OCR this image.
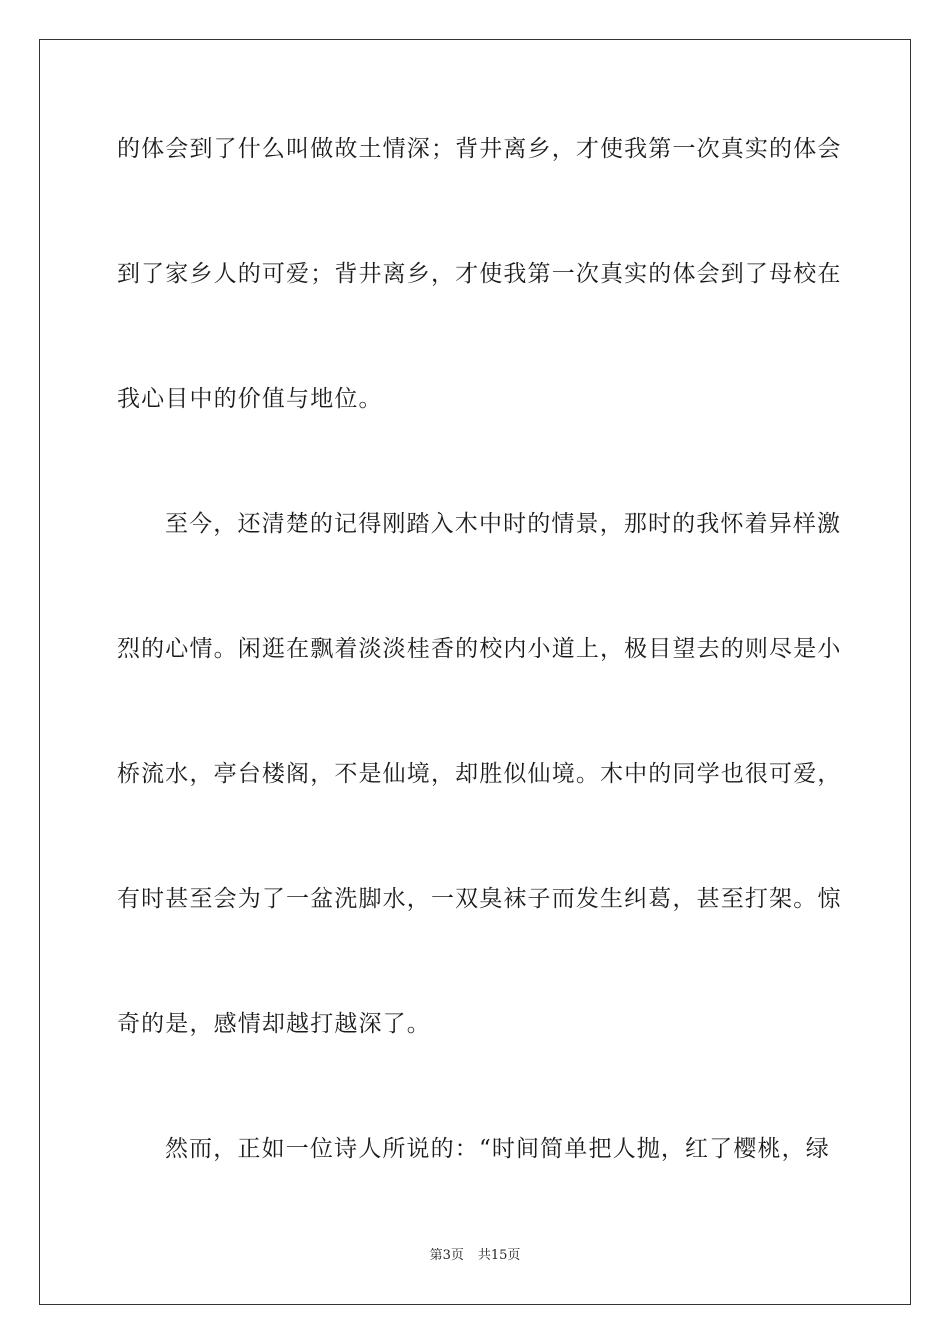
的体会到了什么叫做故土情深；背井离乡，才使我第一次真实的体会
到了家乡人的可爱；背井离乡，才使我第一次真实的体会到了母校在
我心目中的价值与地位。
至今，还清楚的记得刚踏入木中时的情景，那时的我怀着异样激
烈的心情。闲逛在飘着淡淡桂香的校内小道上，极目望去的则尽是小
桥流水，亭台楼阁，不是仙境，却胜似仙境。木中的同学也很可爱，
有时甚至会为了一盆洗脚水，一双臭袜子而发生纠葛，甚至打架。惊
奇的是，感情却越打越深了。
然而，正如一位诗人所说的：“时间简单把人抛，红了樱桃，绿
第3页 共15页
